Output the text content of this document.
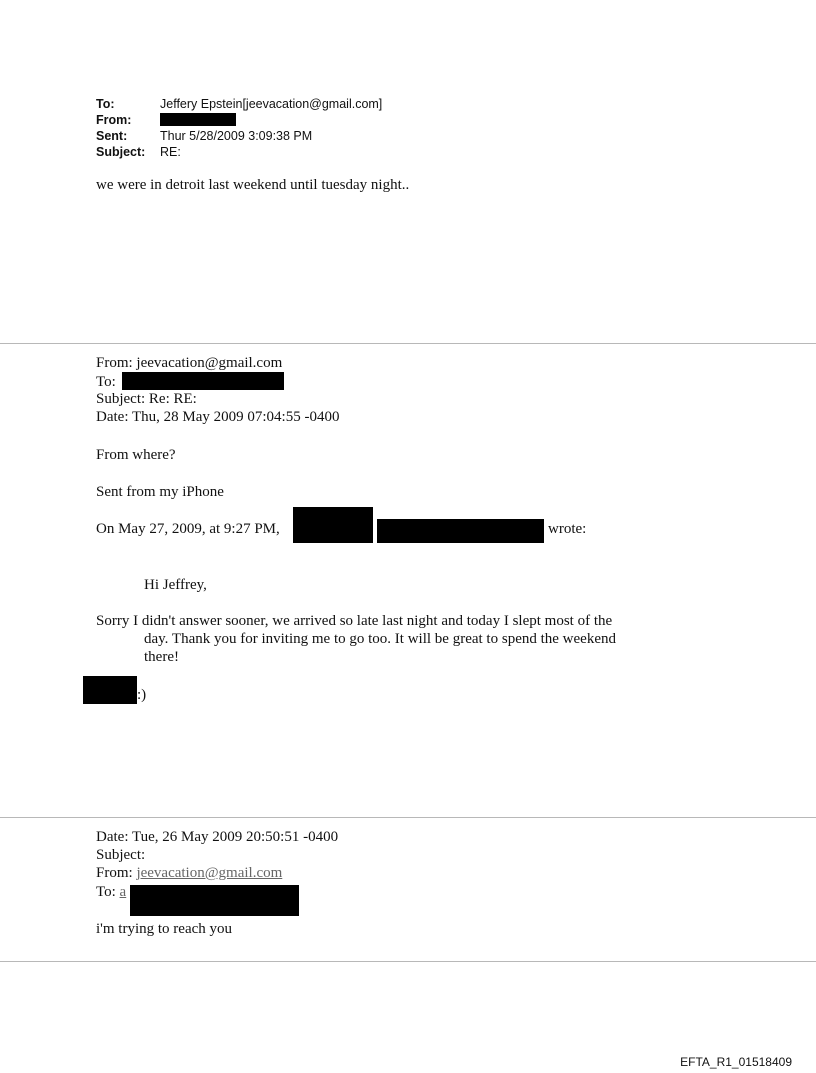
To:	Jeffery Epstein[jeevacation@gmail.com]
From:
Sent:	Thur 5/28/2009 3:09:38 PM
Subject:	RE:
we were in detroit last weekend until tuesday night..
From: jeevacation@gmail.com
To:
Subject: Re: RE:
Date: Thu, 28 May 2009 07:04:55 -0400
From where?
Sent from my iPhone
On May 27, 2009, at 9:27 PM,	wrote:
Hi Jeffrey,
Sorry I didn't answer sooner, we arrived so late last night and today I slept most of the
day. Thank you for inviting me to go too. It will be great to spend the weekend
there!
:)
Date: Tue, 26 May 2009 20:50:51 -0400
Subject:
From: jeevacation@gmail.com
To: a
i'm trying to reach you
EFTA_R1_01518409
